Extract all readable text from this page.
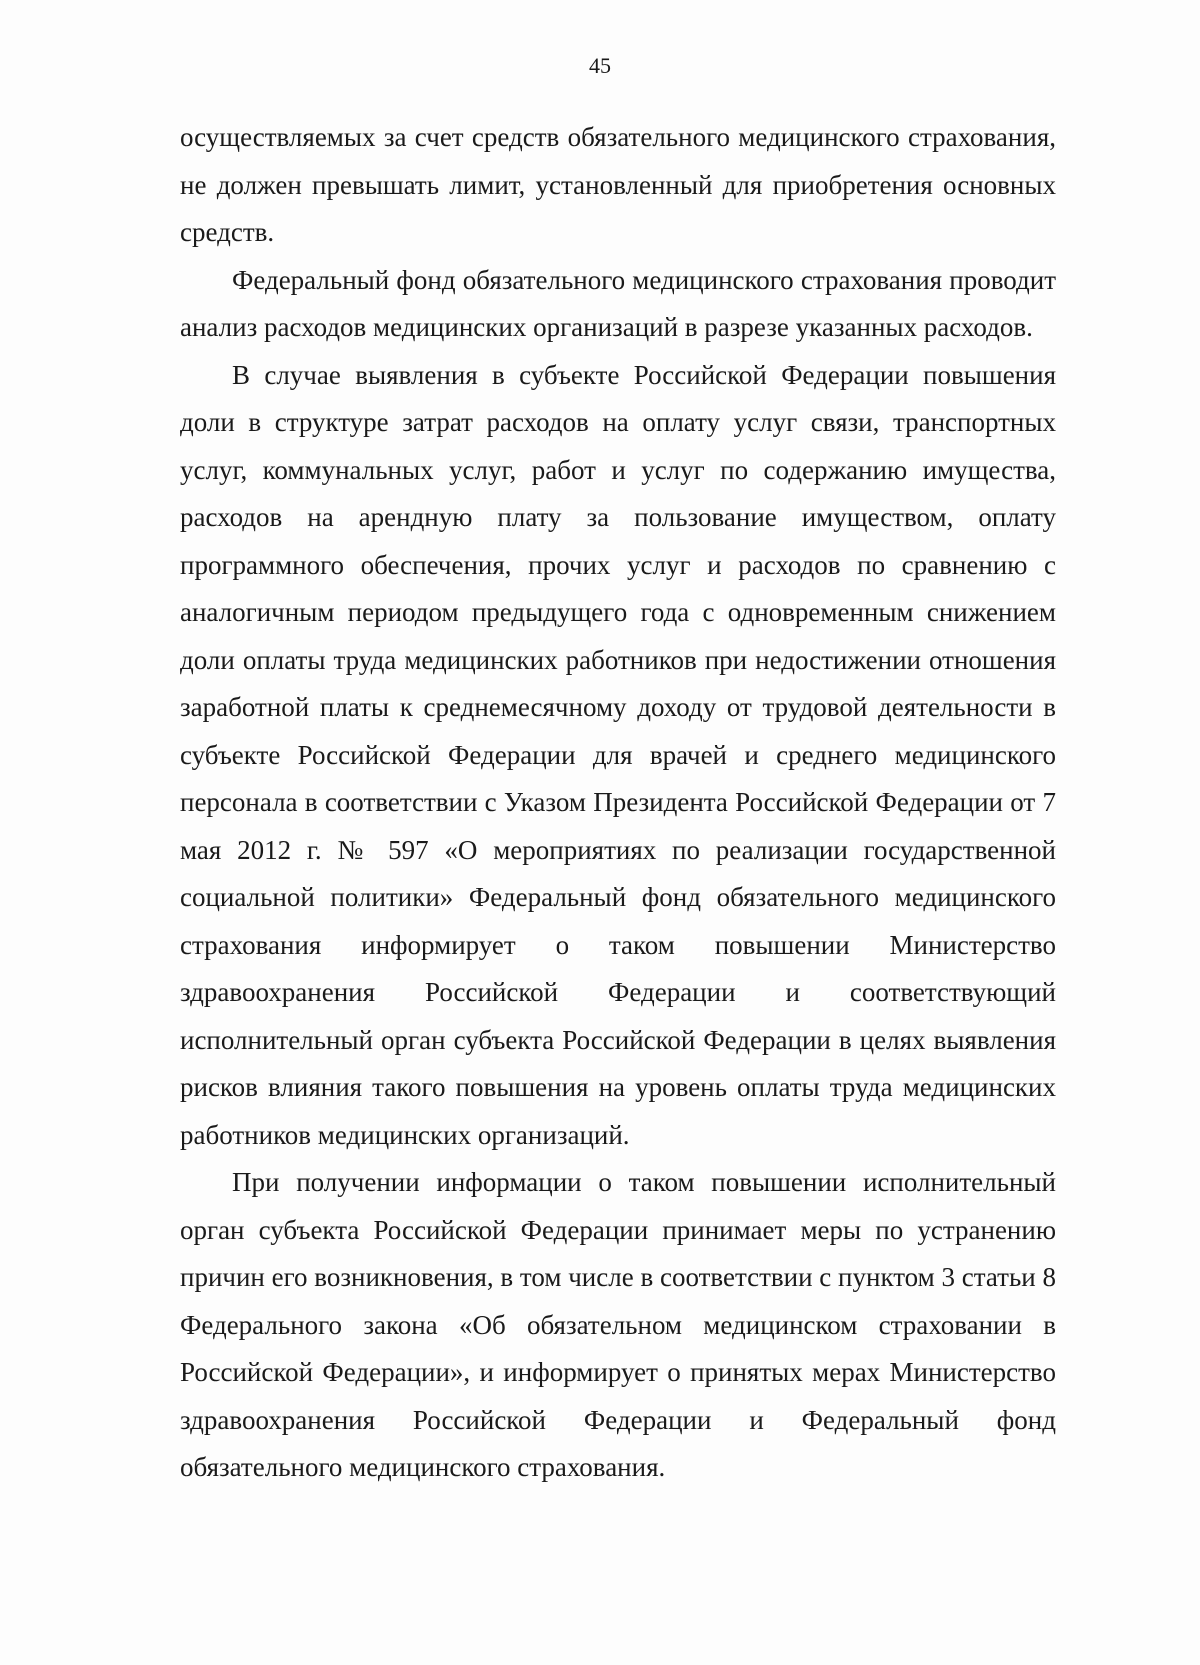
45

осуществляемых за счет средств обязательного медицинского страхования, не должен превышать лимит, установленный для приобретения основных средств.

Федеральный фонд обязательного медицинского страхования проводит анализ расходов медицинских организаций в разрезе указанных расходов.

В случае выявления в субъекте Российской Федерации повышения доли в структуре затрат расходов на оплату услуг связи, транспортных услуг, коммунальных услуг, работ и услуг по содержанию имущества, расходов на арендную плату за пользование имуществом, оплату программного обеспечения, прочих услуг и расходов по сравнению с аналогичным периодом предыдущего года с одновременным снижением доли оплаты труда медицинских работников при недостижении отношения заработной платы к среднемесячному доходу от трудовой деятельности в субъекте Российской Федерации для врачей и среднего медицинского персонала в соответствии с Указом Президента Российской Федерации от 7 мая 2012 г. № 597 «О мероприятиях по реализации государственной социальной политики» Федеральный фонд обязательного медицинского страхования информирует о таком повышении Министерство здравоохранения Российской Федерации и соответствующий исполнительный орган субъекта Российской Федерации в целях выявления рисков влияния такого повышения на уровень оплаты труда медицинских работников медицинских организаций.

При получении информации о таком повышении исполнительный орган субъекта Российской Федерации принимает меры по устранению причин его возникновения, в том числе в соответствии с пунктом 3 статьи 8 Федерального закона «Об обязательном медицинском страховании в Российской Федерации», и информирует о принятых мерах Министерство здравоохранения Российской Федерации и Федеральный фонд обязательного медицинского страхования.
